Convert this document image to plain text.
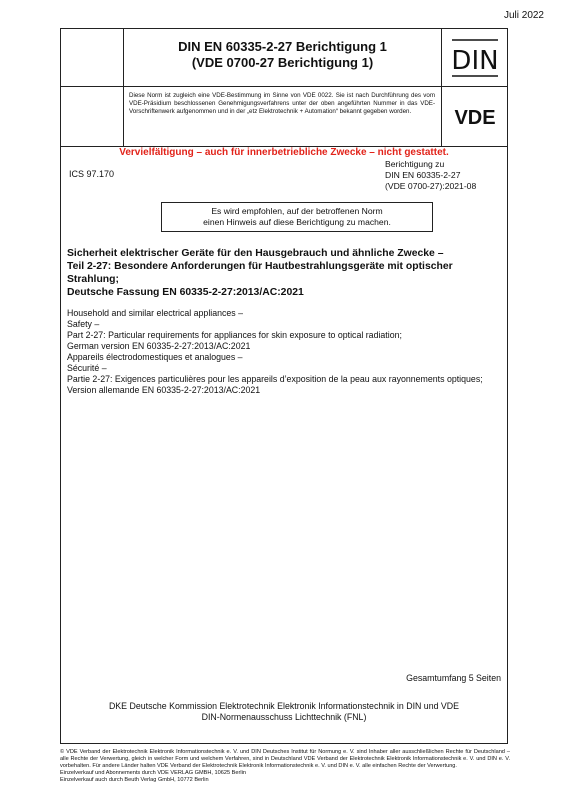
Juli 2022
DIN EN 60335-2-27 Berichtigung 1
(VDE 0700-27 Berichtigung 1)	DIN
Diese Norm ist zugleich eine VDE-Bestimmung im Sinne von VDE 0022. Sie ist nach Durchführung des vom VDE-Präsidium beschlossenen Genehmigungsverfahrens unter der oben angeführten Nummer in das VDE-Vorschriftenwerk aufgenommen und in der „etz Elektrotechnik + Automation“ bekannt gegeben worden.	VDE
Vervielfältigung – auch für innerbetriebliche Zwecke – nicht gestattet.
ICS 97.170
Berichtigung zu
DIN EN 60335-2-27
(VDE 0700-27):2021-08
Es wird empfohlen, auf der betroffenen Norm
einen Hinweis auf diese Berichtigung zu machen.
Sicherheit elektrischer Geräte für den Hausgebrauch und ähnliche Zwecke –
Teil 2-27: Besondere Anforderungen für Hautbestrahlungsgeräte mit optischer Strahlung;
Deutsche Fassung EN 60335-2-27:2013/AC:2021
Household and similar electrical appliances –
Safety –
Part 2-27: Particular requirements for appliances for skin exposure to optical radiation;
German version EN 60335-2-27:2013/AC:2021
Appareils électrodomestiques et analogues –
Sécurité –
Partie 2-27: Exigences particulières pour les appareils d’exposition de la peau aux rayonnements optiques;
Version allemande EN 60335-2-27:2013/AC:2021
Gesamtumfang 5 Seiten
DKE Deutsche Kommission Elektrotechnik Elektronik Informationstechnik in DIN und VDE
DIN-Normenausschuss Lichttechnik (FNL)
© VDE Verband der Elektrotechnik Elektronik Informationstechnik e. V. und DIN Deutsches Institut für Normung e. V. sind Inhaber aller ausschließlichen Rechte für Deutschland – alle Rechte der Verwertung, gleich in welcher Form und welchem Verfahren, sind in Deutschland VDE Verband der Elektrotechnik Elektronik Informationstechnik e. V. und DIN e. V. vorbehalten. Für andere Länder halten VDE Verband der Elektrotechnik Elektronik Informationstechnik e. V. und DIN e. V. alle einfachen Rechte der Verwertung.
Einzelverkauf und Abonnements durch VDE VERLAG GMBH, 10625 Berlin
Einzelverkauf auch durch Beuth Verlag GmbH, 10772 Berlin
